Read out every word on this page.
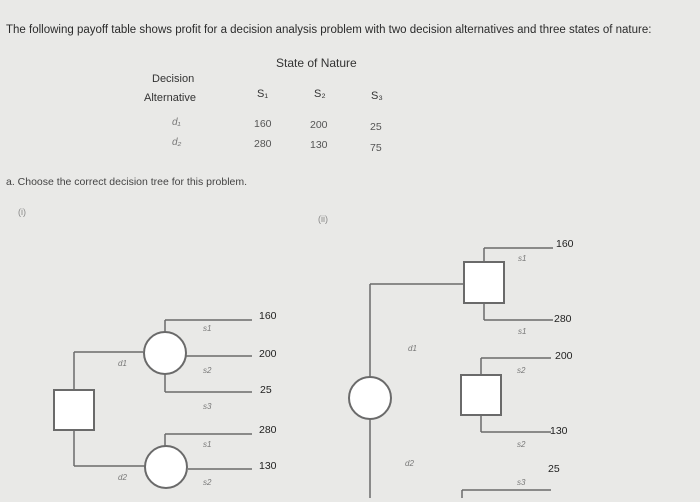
The following payoff table shows profit for a decision analysis problem with two decision alternatives and three states of nature:
State of Nature
Decision
Alternative	S₁	S₂	S₃
d₁	160	200	25
d₂	280	130	75
a. Choose the correct decision tree for this problem.
(i)
(ii)
d1
d2
s1
s2
s3
s1
s2
160
200
25
280
130
d1
d2
s1
s1
s2
s2
s3
160
280
200
130
25
